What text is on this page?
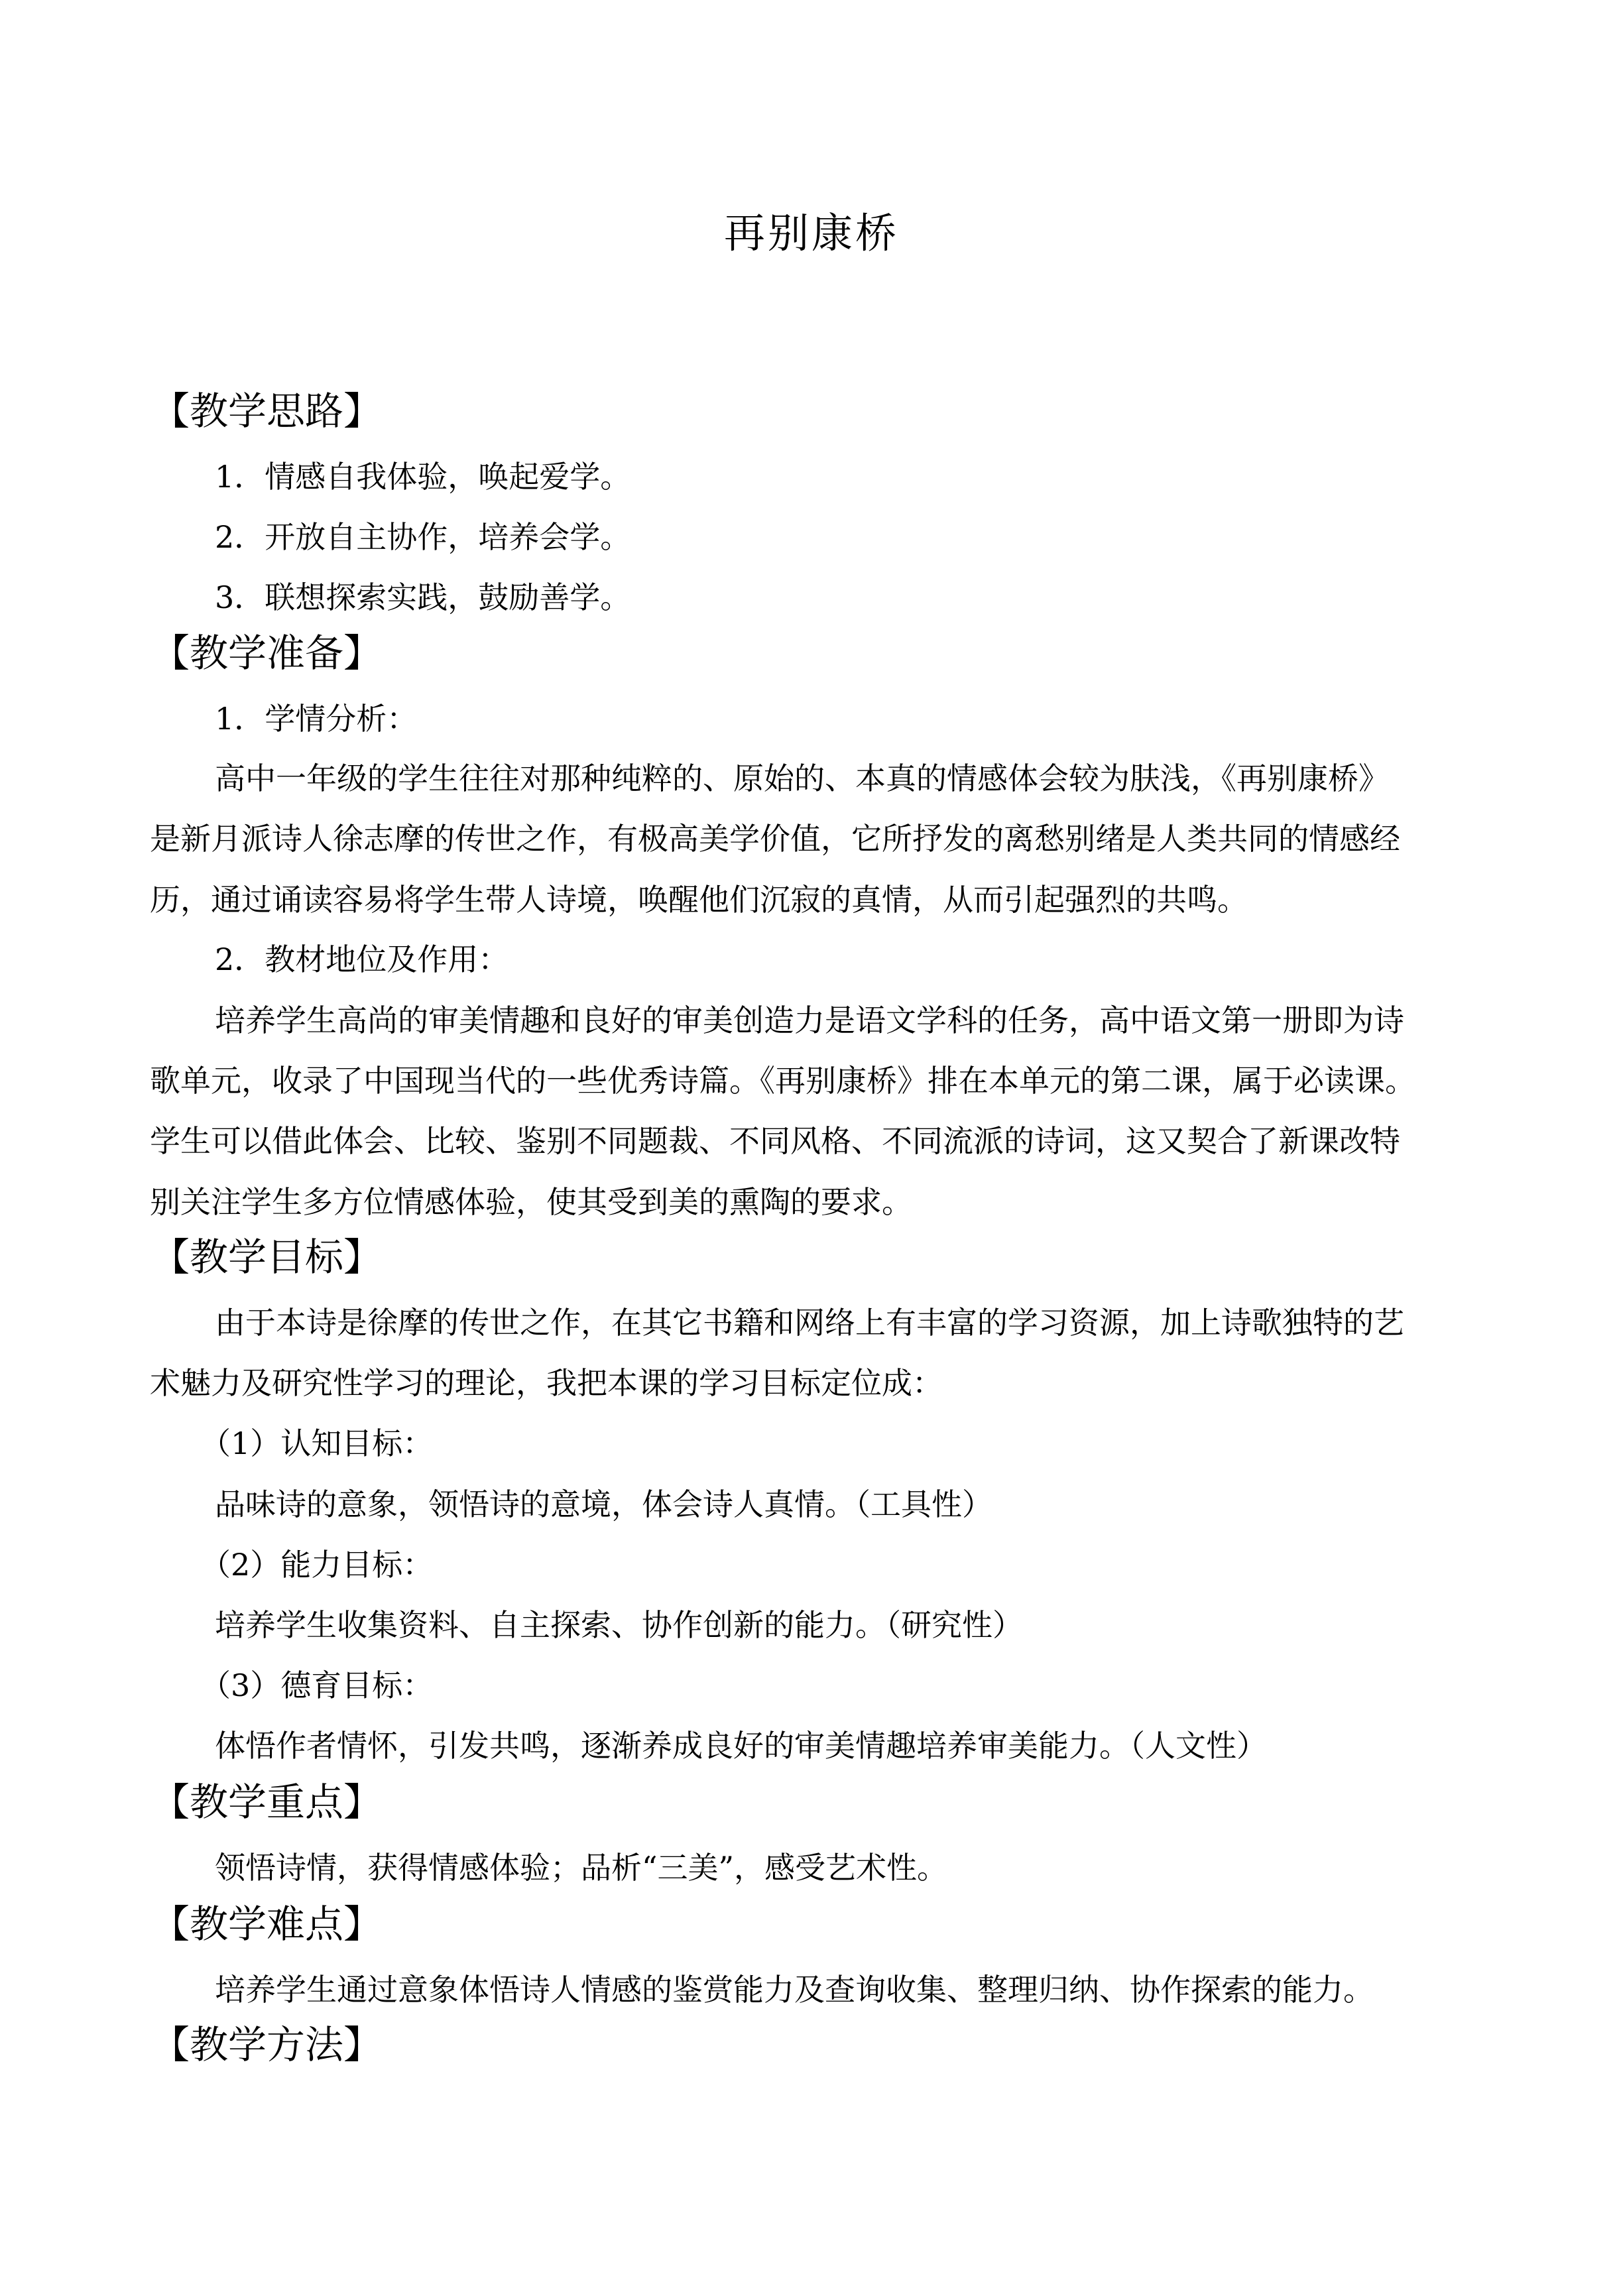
再别康桥
【教学思路】
1．情感自我体验，唤起爱学。
2．开放自主协作，培养会学。
3．联想探索实践，鼓励善学。
【教学准备】
1．学情分析：
高中一年级的学生往往对那种纯粹的、原始的、本真的情感体会较为肤浅，《再别康桥》
是新月派诗人徐志摩的传世之作，有极高美学价值，它所抒发的离愁别绪是人类共同的情感经
历，通过诵读容易将学生带人诗境，唤醒他们沉寂的真情，从而引起强烈的共鸣。
2．教材地位及作用：
培养学生高尚的审美情趣和良好的审美创造力是语文学科的任务，高中语文第一册即为诗
歌单元，收录了中国现当代的一些优秀诗篇。《再别康桥》排在本单元的第二课，属于必读课。
学生可以借此体会、比较、鉴别不同题裁、不同风格、不同流派的诗词，这又契合了新课改特
别关注学生多方位情感体验，使其受到美的熏陶的要求。
【教学目标】
由于本诗是徐摩的传世之作，在其它书籍和网络上有丰富的学习资源，加上诗歌独特的艺
术魅力及研究性学习的理论，我把本课的学习目标定位成：
（1）认知目标：
品味诗的意象，领悟诗的意境，体会诗人真情。（工具性）
（2）能力目标：
培养学生收集资料、自主探索、协作创新的能力。（研究性）
（3）德育目标：
体悟作者情怀，引发共鸣，逐渐养成良好的审美情趣培养审美能力。（人文性）
【教学重点】
领悟诗情，获得情感体验；品析“三美”，感受艺术性。
【教学难点】
培养学生通过意象体悟诗人情感的鉴赏能力及查询收集、整理归纳、协作探索的能力。
【教学方法】
